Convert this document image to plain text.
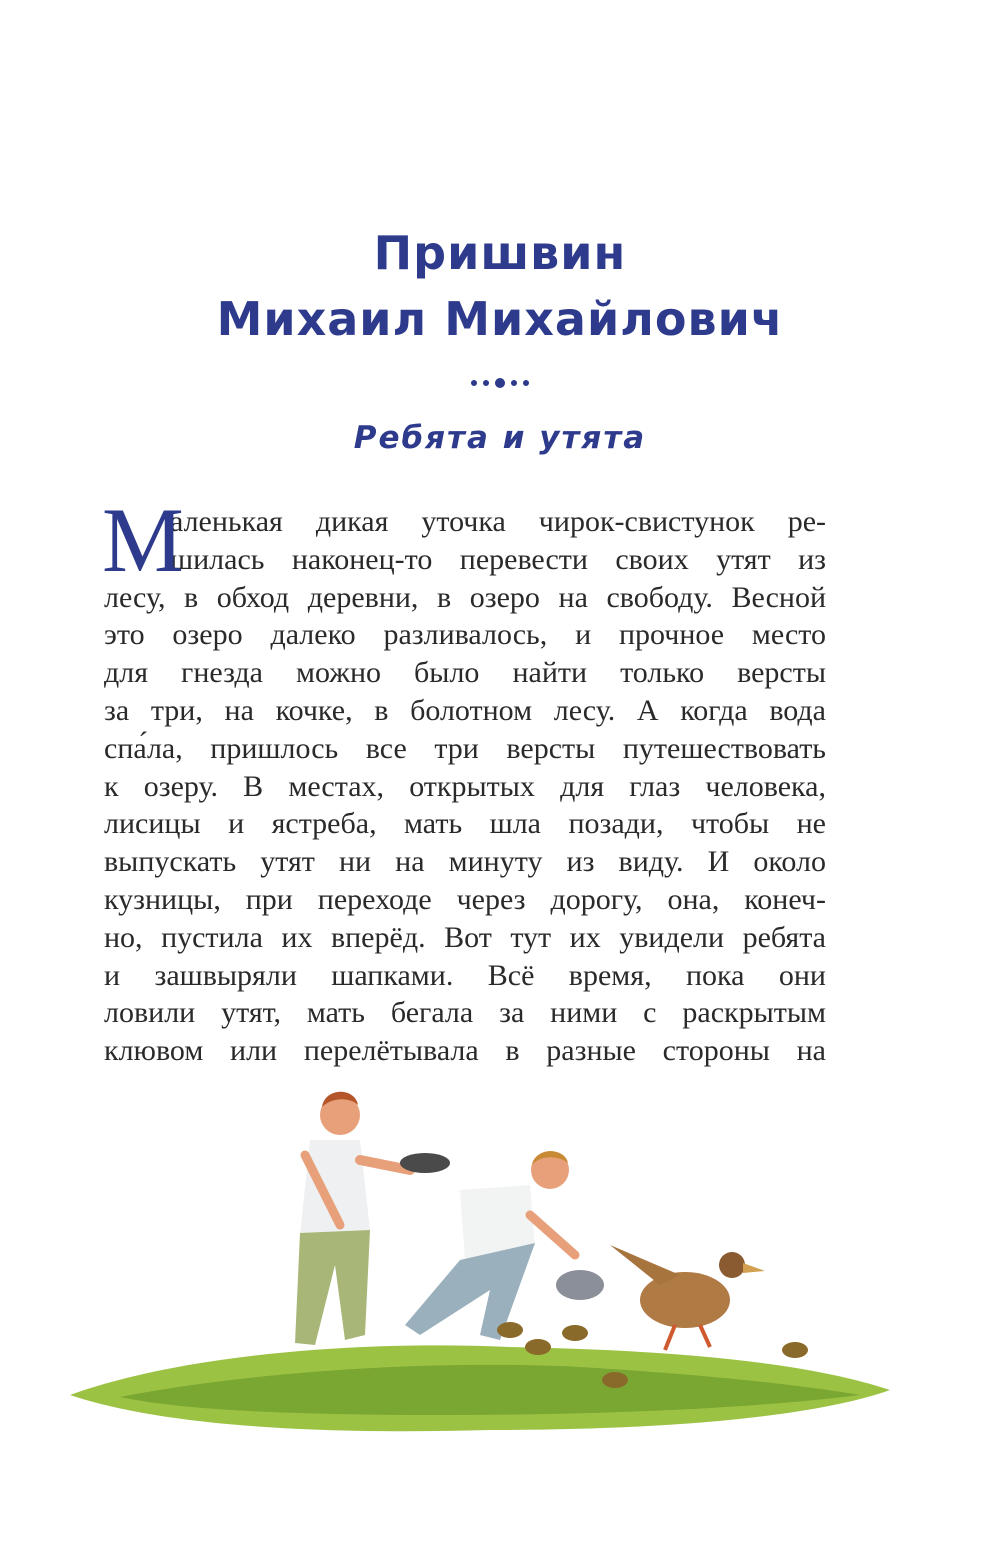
Пришвин
Михаил Михайлович
Ребята и утята
М
аленькая дикая уточка чирок-свистунок ре-
шилась наконец-то перевести своих утят из
лесу, в обход деревни, в озеро на свободу. Весной
это озеро далеко разливалось, и прочное место
для гнезда можно было найти только версты
за три, на кочке, в болотном лесу. А когда вода
спа́ла, пришлось все три версты путешествовать
к озеру. В местах, открытых для глаз человека,
лисицы и ястреба, мать шла позади, чтобы не
выпускать утят ни на минуту из виду. И около
кузницы, при переходе через дорогу, она, конеч-
но, пустила их вперёд. Вот тут их увидели ребята
и зашвыряли шапками. Всё время, пока они
ловили утят, мать бегала за ними с раскрытым
клювом или перелётывала в разные стороны на
